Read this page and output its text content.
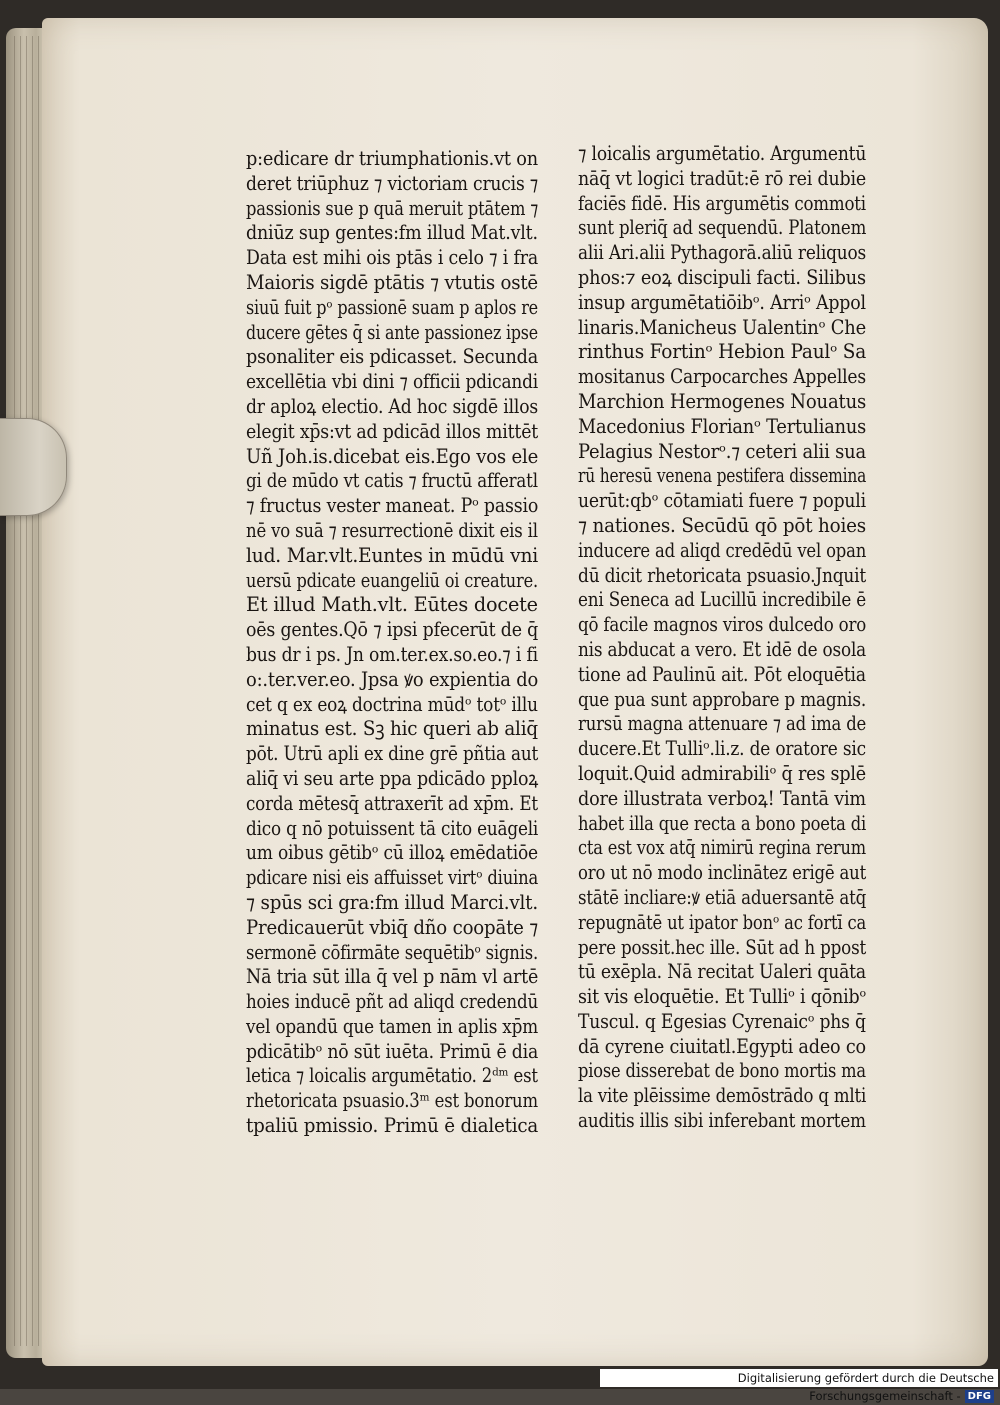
p:edicare dr triumphationis.vt on
deret triūphuz ⁊ victoriam crucis ⁊
passionis sue p quā meruit ptātem ⁊
dniūz sup gentes:fm illud Mat.vlt.
Data est mihi ois ptās i celo ⁊ i fra
Maioris sigdē ptātis ⁊ vtutis ostē
siuū fuit pᵒ passionē suam p aplos re
ducere gētes q̄ si ante passionez ipse
psonaliter eis pdicasset. Secunda
excellētia vbi dini ⁊ officii pdicandi
dr aploꝝ electio. Ad hoc sigdē illos
elegit xp̄s:vt ad pdicād illos mittēt
Uñ Joh.is.dicebat eis.Ego vos ele
gi de mūdo vt catis ⁊ fructū afferatl
⁊ fructus vester maneat. Pᵒ passio
nē vo suā ⁊ resurrectionē dixit eis il
lud. Mar.vlt.Euntes in mūdū vni
uersū pdicate euangeliū oi creature.
Et illud Math.vlt. Eūtes docete
oēs gentes.Qō ⁊ ipsi pfecerūt de q̄
bus dr i ps. Jn om.ter.ex.so.eo.⁊ i fi
o:.ter.ver.eo. Jpsa ꝟo expientia do
cet q ex eoꝝ doctrina mūdᵒ totᵒ illu
minatus est. Sꝫ hic queri ab aliq̄
pōt. Utrū apli ex dine grē pñtia aut
aliq̄ vi seu arte ppa pdicādo pploꝝ
corda mētesq̄ attraxerīt ad xp̄m. Et
dico q nō potuissent tā cito euāgeli
um oibus gētibᵒ cū illoꝝ emēdatiōe
pdicare nisi eis affuisset virtᵒ diuina
⁊ spūs sci gra:fm illud Marci.vlt.
Predicauerūt vbiq̄ dño coopāte ⁊
sermonē cōfirmāte sequētibᵒ signis.
Nā tria sūt illa q̄ vel p nām vl artē
hoies inducē pñt ad aliqd credendū
vel opandū que tamen in aplis xp̄m
pdicātibᵒ nō sūt iuēta. Primū ē dia
letica ⁊ loicalis argumētatio. 2ᵈᵐ est
rhetoricata psuasio.3ᵐ est bonorum
tpaliū pmissio. Primū ē dialetica
⁊ loicalis argumētatio. Argumentū
nāq̄ vt logici tradūt:ē rō rei dubie
faciēs fidē. His argumētis commoti
sunt pleriq̄ ad sequendū. Platonem
alii Ari.alii Pythagorā.aliū reliquos
phos:⁊ eoꝝ discipuli facti. Silibus
insup argumētatiōibᵒ. Arriᵒ Appol
linaris.Manicheus Ualentinᵒ Che
rinthus Fortinᵒ Hebion Paulᵒ Sa
mositanus Carpocarches Appelles
Marchion Hermogenes Nouatus
Macedonius Florianᵒ Tertulianus
Pelagius Nestorᵒ.⁊ ceteri alii sua
rū heresū venena pestifera dissemina
uerūt:qbᵒ cōtamiati fuere ⁊ populi
⁊ nationes. Secūdū qō pōt hoies
inducere ad aliqd credēdū vel opan
dū dicit rhetoricata psuasio.Jnquit
eni Seneca ad Lucillū incredibile ē
qō facile magnos viros dulcedo oro
nis abducat a vero. Et idē de osola
tione ad Paulinū ait. Pōt eloquētia
que pua sunt approbare p magnis.
rursū magna attenuare ⁊ ad ima de
ducere.Et Tulliᵒ.li.z. de oratore sic
loquit.Quid admirabiliᵒ q̄ res splē
dore illustrata verboꝝ! Tantā vim
habet illa que recta a bono poeta di
cta est vox atq̄ nimirū regina rerum
oro ut nō modo inclinātez erigē aut
stātē incliare:ꝟ etiā aduersantē atq̄
repugnātē ut ipator bonᵒ ac fortī ca
pere possit.hec ille. Sūt ad h ppost
tū exēpla. Nā recitat Ualeri quāta
sit vis eloquētie. Et Tulliᵒ i qōnibᵒ
Tuscul. q Egesias Cyrenaicᵒ phs q̄
dā cyrene ciuitatl.Egypti adeo co
piose disserebat de bono mortis ma
la vite plēissime demōstrādo q mlti
auditis illis sibi inferebant mortem
Digitalisierung gefördert durch die Deutsche Forschungsgemeinschaft - DFG
